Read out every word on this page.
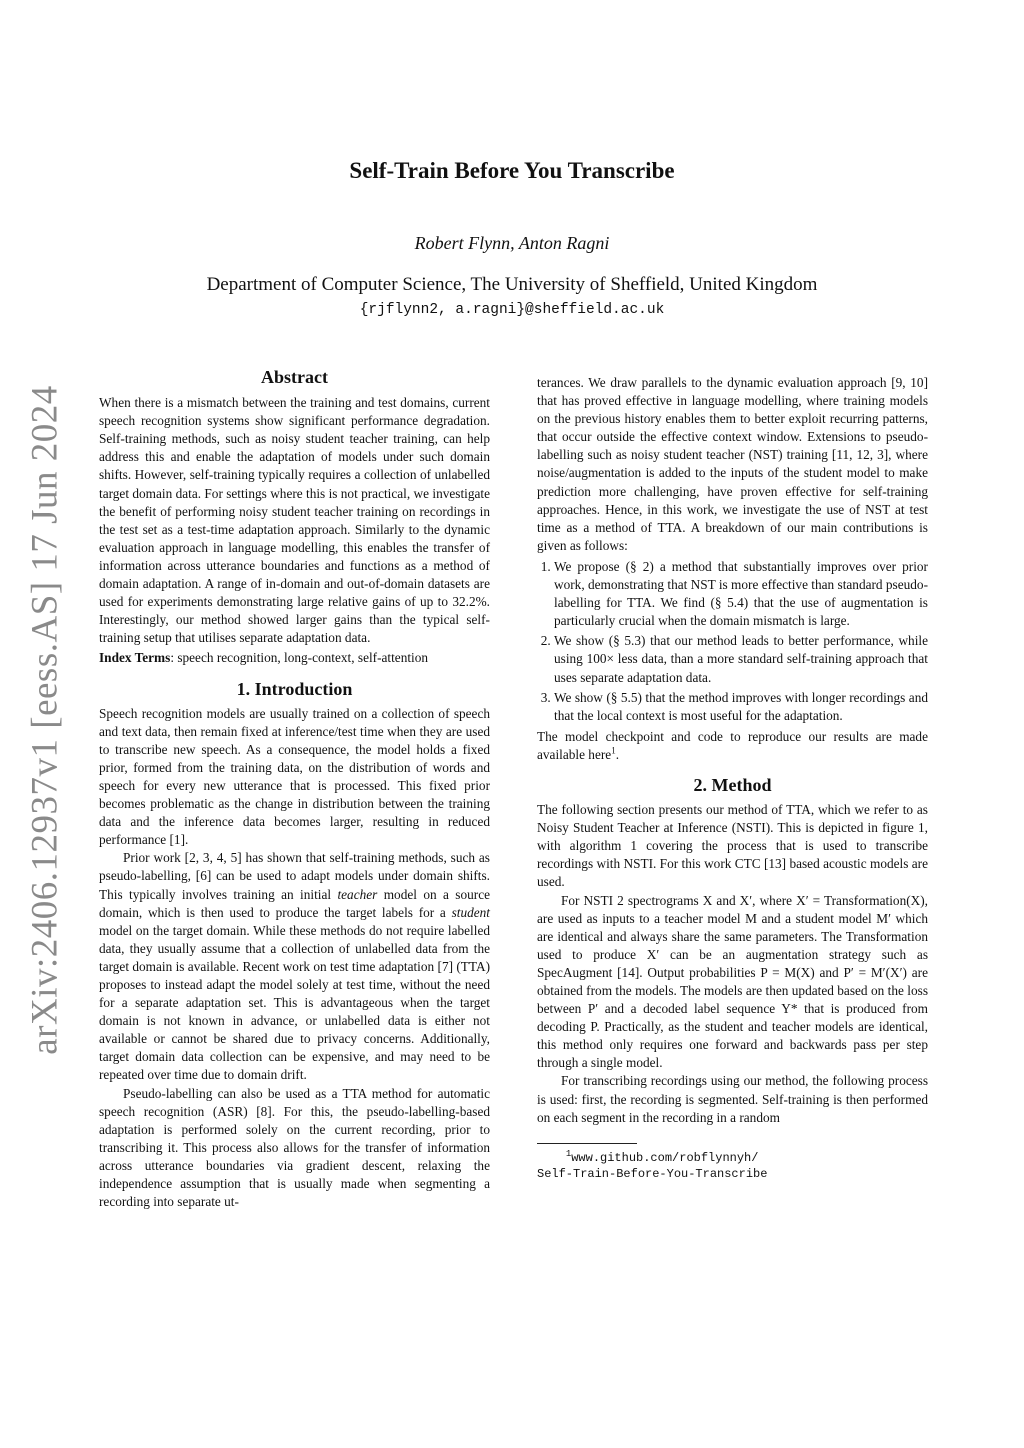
arXiv:2406.12937v1 [eess.AS] 17 Jun 2024
Self-Train Before You Transcribe
Robert Flynn, Anton Ragni
Department of Computer Science, The University of Sheffield, United Kingdom
{rjflynn2, a.ragni}@sheffield.ac.uk
Abstract

When there is a mismatch between the training and test domains, current speech recognition systems show significant performance degradation. Self-training methods, such as noisy student teacher training, can help address this and enable the adaptation of models under such domain shifts. However, self-training typically requires a collection of unlabelled target domain data. For settings where this is not practical, we investigate the benefit of performing noisy student teacher training on recordings in the test set as a test-time adaptation approach. Similarly to the dynamic evaluation approach in language modelling, this enables the transfer of information across utterance boundaries and functions as a method of domain adaptation. A range of in-domain and out-of-domain datasets are used for experiments demonstrating large relative gains of up to 32.2%. Interestingly, our method showed larger gains than the typical self-training setup that utilises separate adaptation data.

Index Terms: speech recognition, long-context, self-attention

1. Introduction

Speech recognition models are usually trained on a collection of speech and text data, then remain fixed at inference/test time when they are used to transcribe new speech. As a consequence, the model holds a fixed prior, formed from the training data, on the distribution of words and speech for every new utterance that is processed. This fixed prior becomes problematic as the change in distribution between the training data and the inference data becomes larger, resulting in reduced performance [1].

Prior work [2, 3, 4, 5] has shown that self-training methods, such as pseudo-labelling, [6] can be used to adapt models under domain shifts. This typically involves training an initial teacher model on a source domain, which is then used to produce the target labels for a student model on the target domain. While these methods do not require labelled data, they usually assume that a collection of unlabelled data from the target domain is available. Recent work on test time adaptation [7] (TTA) proposes to instead adapt the model solely at test time, without the need for a separate adaptation set. This is advantageous when the target domain is not known in advance, or unlabelled data is either not available or cannot be shared due to privacy concerns. Additionally, target domain data collection can be expensive, and may need to be repeated over time due to domain drift.

Pseudo-labelling can also be used as a TTA method for automatic speech recognition (ASR) [8]. For this, the pseudo-labelling-based adaptation is performed solely on the current recording, prior to transcribing it. This process also allows for the transfer of information across utterance boundaries via gradient descent, relaxing the independence assumption that is usually made when segmenting a recording into separate ut-

terances. We draw parallels to the dynamic evaluation approach [9, 10] that has proved effective in language modelling, where training models on the previous history enables them to better exploit recurring patterns, that occur outside the effective context window. Extensions to pseudo-labelling such as noisy student teacher (NST) training [11, 12, 3], where noise/augmentation is added to the inputs of the student model to make prediction more challenging, have proven effective for self-training approaches. Hence, in this work, we investigate the use of NST at test time as a method of TTA. A breakdown of our main contributions is given as follows:

1. We propose (§ 2) a method that substantially improves over prior work, demonstrating that NST is more effective than standard pseudo-labelling for TTA. We find (§ 5.4) that the use of augmentation is particularly crucial when the domain mismatch is large.
2. We show (§ 5.3) that our method leads to better performance, while using 100× less data, than a more standard self-training approach that uses separate adaptation data.
3. We show (§ 5.5) that the method improves with longer recordings and that the local context is most useful for the adaptation.

The model checkpoint and code to reproduce our results are made available here$^1$.

2. Method

The following section presents our method of TTA, which we refer to as Noisy Student Teacher at Inference (NSTI). This is depicted in figure 1, with algorithm 1 covering the process that is used to transcribe recordings with NSTI. For this work CTC [13] based acoustic models are used.

For NSTI 2 spectrograms X and X′, where X′ = Transformation(X), are used as inputs to a teacher model M and a student model M′ which are identical and always share the same parameters. The Transformation used to produce X′ can be an augmentation strategy such as SpecAugment [14]. Output probabilities P = M(X) and P′ = M′(X′) are obtained from the models. The models are then updated based on the loss between P′ and a decoded label sequence Y* that is produced from decoding P. Practically, as the student and teacher models are identical, this method only requires one forward and backwards pass per step through a single model.

For transcribing recordings using our method, the following process is used: first, the recording is segmented. Self-training is then performed on each segment in the recording in a random

$^1$www.github.com/robflynnyh/
Self-Train-Before-You-Transcribe
